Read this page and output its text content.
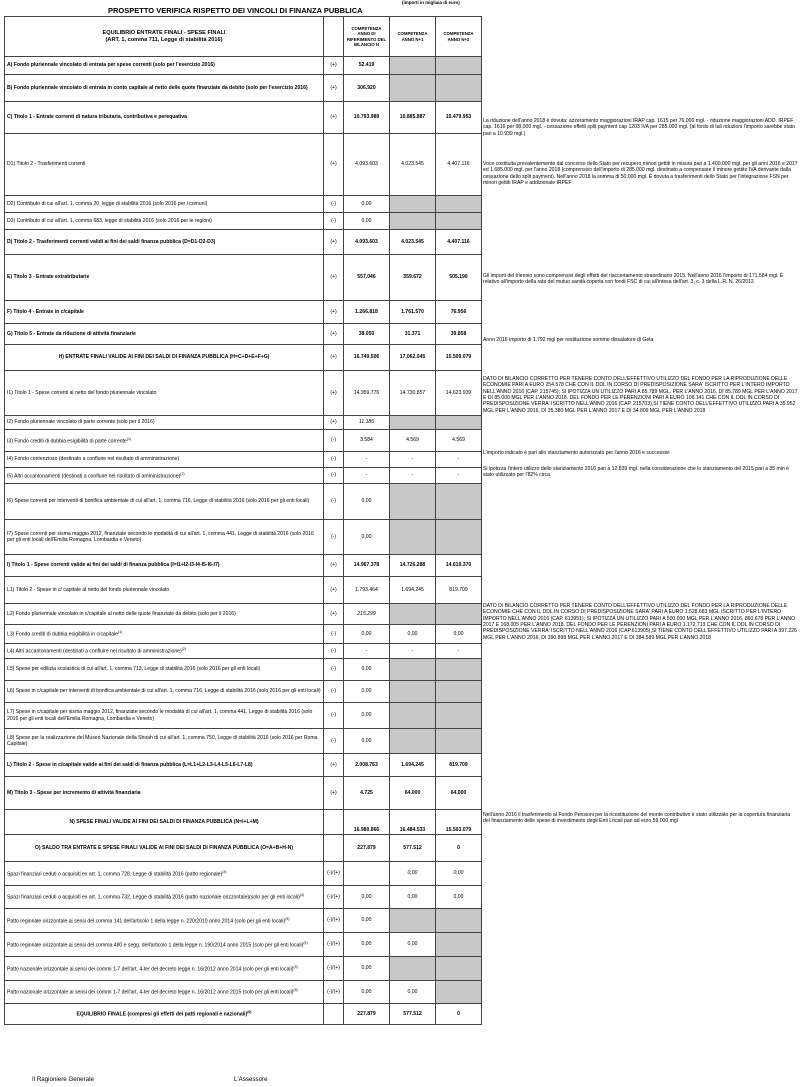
PROSPETTO VERIFICA RISPETTO DEI VINCOLI DI FINANZA PUBBLICA
(importi in migliaia di euro)
EQUILIBRIO ENTRATE FINALI - SPESE FINALI
(ART. 1, comma 711, Legge di stabilità 2016)		COMPETENZA ANNO DI RIFERIMENTO DEL BILANCIO N	COMPETENZA ANNO N+1	COMPETENZA ANNO N+2
A) Fondo pluriennale vincolato di entrata per spese correnti (solo per l'esercizio 2016)	(+)	52.419		
B) Fondo pluriennale vincolato di entrata in conto capitale al netto delle quote finanziate da debito (solo per l'esercizio 2016)	(+)	306.920		
C) Titolo 1 - Entrate correnti di natura tributaria, contributiva e perequativa	(+)	10.793.989	10.885.887	10.479.953
D1) Titolo 2 - Trasferimenti correnti	(+)	4.093.603	4.023.545	4.407.116
D2) Contributo di cui all'art. 1, comma 20, legge di stabilità 2016 (solo 2016 per i comuni)	(-)	0,00		
D3) Contributo di cui all'art. 1, comma 683, legge di stabilità 2016 (solo 2016 per le regioni)	(-)	0,00		
D) Titolo 2 - Trasferimenti correnti validi ai fini dei saldi finanza pubblica (D=D1-D2-D3)	(+)	4.093.603	4.023.545	4.407.116
E) Titolo 3 - Entrate extratributarie	(+)	557.046	359.672	505.196
F) Titolo 4 - Entrate in c/capitale	(+)	1.266.818	1.761.570	76.956
G) Titolo 5 - Entrate da riduzione di attività finanziarie	(+)	38.050	31.371	39.858
H) ENTRATE FINALI VALIDE AI FINI DEI SALDI DI FINANZA PUBBLICA (H=C+D+E+F+G)	(+)	16.749.506	17.062.045	15.509.079
I1) Titolo 1 - Spese correnti al netto del fondo pluriennale vincolato	(+)	14.959.776	14.730.857	14.623.939
I2) Fondo pluriennale vincolato di parte corrente (solo per il 2016)	(+)	11.186		
I3) Fondo crediti di dubbia esigibilità di parte corrente$^{(1)}$	(-)	3.584	4.569	4.569
I4) Fondo contenzioso (destinato a confluire nel risultato di amministrazione)	(-)	-	-	-
I5) Altri accantonamenti (destinati a confluire nel risultato di amministrazione)$^{(2)}$	(-)	-	-	-
I6) Spese correnti per interventi di bonifica ambientale di cui all'art. 1, comma 716, Legge di stabilità 2016 (solo 2016 per gli enti locali)	(-)	0,00		
I7) Spese correnti per sisma maggio 2012, finanziate secondo le modalità di cui all'art. 1, comma 441, Legge di stabilità 2016 (solo 2016 per gli enti locali dell'Emilia Romagna, Lombardia e Veneto)	(-)	0,00		
I) Titolo 1 - Spese correnti valide ai fini dei saldi di finanza pubblica (I=I1+I2-I3-I4-I5-I6-I7)	(+)	14.967.378	14.726.288	14.619.370
L1) Titolo 2 - Spese in c/ capitale al netto del fondo pluriennale vincolato	(+)	1.793.464	1.694.245	819.709
L2) Fondo pluriennale vincolato in c/capitale al netto delle quote finanziate da debito (solo per il 2016)	(+)	215.299		
L3) Fondo crediti di dubbia esigibilità in c/capitale$^{(1)}$	(-)	0,00	0,00	0,00
L4) Altri accantonamenti (destinati a confluire nel risultato di amministrazione)$^{(2)}$	(-)	-	-	-
L5) Spese per edilizia scolastica di cui all'art. 1, comma 713, Legge di stabilità 2016 (solo 2016 per gli enti locali)	(-)	0,00		
L6) Spese in c/capitale per interventi di bonifica ambientale di cui all'art. 1, comma 716, Legge di stabilità 2016 (solo 2016 per gli enti locali)	(-)	0,00		
L7) Spese in c/capitale per sisma maggio 2012, finanziate secondo le modalità di cui all'art. 1, comma 441, Legge di stabilità 2016 (solo 2016 per gli enti locali dell'Emilia Romagna, Lombardia e Veneto)	(-)	0,00		
L8) Spese per la realizzazione del Museo Nazionale della Shoah di cui all'art. 1, comma 750, Legge di stabilità 2016 (solo 2016 per Roma Capitale)	(-)	0,00		
L) Titolo 2 - Spese in c/capitale valide ai fini dei saldi di finanza pubblica (L=L1+L2-L3-L4-L5-L6-L7-L8)	(+)	2.008.763	1.694.245	819.709
M) Titolo 3 - Spese per incremento di attività finanziaria	(+)	4.725	64.000	64.000
N) SPESE FINALI VALIDE AI FINI DEI SALDI DI FINANZA PUBBLICA (N=I+L+M)		16.980.866	16.484.533	15.503.079
O) SALDO TRA ENTRATE E SPESE FINALI VALIDE AI FINI DEI SALDI DI FINANZA PUBBLICA (O=A+B+H-N)		227.879	577.512	0
Spazi finanziari ceduti o acquisiti ex art. 1, comma 728, Legge di stabilità 2016 (patto regionale)$^{(3)}$	(-)/(+)		0,00	0,00
Spazi finanziari ceduti o acquisiti ex art. 1, comma 732, Legge di stabilità 2016 (patto nazionale orizzontale)(solo per gli enti locali)$^{(4)}$	(-)/(+)	0,00	0,00	0,00
Patto regionale orizzontale ai sensi del comma 141 dell'articolo 1 della legge n. 220/2010 anno 2014 (solo per gli enti locali)$^{(5)}$	(-)/(+)	0,00		
Patto regionale orizzontale ai sensi del comma 480 e segg. dell'articolo 1 della legge n. 190/2014 anno 2015 (solo per gli enti locali)$^{(5)}$	(-)/(+)	0,00	0,00	
Patto nazionale orizzontale ai sensi dei commi 1-7 dell'art. 4-ter del decreto legge n. 16/2012 anno 2014 (solo per gli enti locali)$^{(5)}$	(-)/(+)	0,00		
Patto nazionale orizzontale ai sensi dei commi 1-7 dell'art. 4-ter del decreto legge n. 16/2012 anno 2015 (solo per gli enti locali)$^{(5)}$	(-)/(+)	0,00	0,00	
EQUILIBRIO FINALE (compresi gli effetti dei patti regionali e nazionali)$^{(6)}$		227.879	577.512	0
La riduzione dell'anno 2018 è dovuta: azzeramento maggiorazioni IRAP cap. 1615 per 76.000 mgl. - riduzione maggiorazioni ADD. IRPEF cap. 1616 per 98.000 mgl. - cessazione effetti split payment cap 1203 IVA per 285.000 mgl. (al fordo di tali riduzioni l'importo sarebbe stato pari a 10.939 mgl.)
Voce costituita prevalentemente dal concorso dello Stato per recupero minori gettiti in misura pari a 1.400.000 mgl. per gli anni 2016 e 2017 ed 1.685.000 mgl. per l'anno 2018 (comprensivo dell'importo di 285.000 mgl. destinato a compensare il minore gettito IVA derivante dalla cessazione dello split payment). Nell'anno 2018 la somma di 50.000 mgl. È dovuta a trasferimenti dello Stato per l'integrazione FSN per minori gettiti IRAP e addizionale IRPEF
Gli importi del triennio sono comprensivi degli effetti del riaccertamento straordinario 2015. Nell'anno 2016 l'importo di 171.584 mgl. È relativo all'importo della rata del mutuo sanità coperta con fondi FSC di cui all'intesa dell'art. 3, c. 3 della L.R. N. 26/2012.
Anno 2016 importo di 1.792 mgl per restituzione somme dissalatore di Gela
DATO DI BILANCIO CORRETTO PER TENERE CONTO DELL'EFFETTIVO UTILIZZO DEL FONDO PER LA RIPRODUZIONE DELLE ECONOMIE PARI A EURO 254.578 CHE CON IL DDL IN CORSO DI PREDISPOSIZIONE SARA' ISCRITTO PER L'INTERO IMPORTO NELL'ANNO 2016 (CAP. 215745); SI IPOTIZZA UN UTILIZZO PARI A 85.789 MGL. PER L'ANNO 2016, DI 85.789 MGL PER L'ANNO 2017 E DI 85.000 MGL PER L'ANNO 2018. DEL FONDO PER LE PERENZIONI PARI A EURO 106.141 CHE CON IL DDL IN CORSO DI PREDISPOSIZIONE VERRA' ISCRITTO NELL'ANNO 2016 (CAP. 215703),SI TIENE CONTO DELL'EFFETTIVO UTILIZZO PARI A 35.952 MGL PER L'ANNO 2016, DI 35.380 MGL PER L'ANNO 2017 E DI 34.809 MGL PER L'ANNO 2018
L'importo indicato è pari allo stanziamento autorizzato per l'anno 2016 e successivi
Si ipotizza l'intero utilizzo dello stanziamento 2016 pari a 12.839 mgl. nella considerazione che lo stanziamento del 2015 pari a 35 mln è stato utilizzato per l'82% circa.
DATO DI BILANCIO CORRETTO PER TENERE CONTO DELL'EFFETTIVO UTILIZZO DEL FONDO PER LA RIPRODUZIONE DELLE ECONOMIE CHE CON IL DDL IN CORSO DI PREDISPOSIZIONE SARA' PARI A EURO 1.528.683 MGL ISCRITTO PER L'INTERO IMPORTO NELL'ANNO 2016 (CAP. 613951); SI IPOTIZZA UN UTILIZZO PARI A 500.000 MGL PER L'ANNO 2016, 860.678 PER L'ANNO 2017 E 168.005 PER L'ANNO 2018. DEL FONDO PER LE PERENZIONI PARI A EURO 1.172.713 CHE CON IL DDL IN CORSO DI PREDISPOSIZIONE VERRA' ISCRITTO NELL'ANNO 2016 (CAP.613905),SI TIENE CONTO DELL'EFFETTIVO UTILIZZO PARI A 397.226 MGL PER L'ANNO 2016, DI 390.898 MGL PER L'ANNO 2017 E DI 384.589 MGL PER L'ANNO 2018
Nell'anno 2016 il trasferimento al Fondo Pensioni per la ricostituzione del monte contributivo è stato utilizzato per la copertura finanziaria del finanziamento delle spese di investimento degli Enti Locali pari ad euro 59.000 mgl
Il Ragioniere Generale	L'Assessore
